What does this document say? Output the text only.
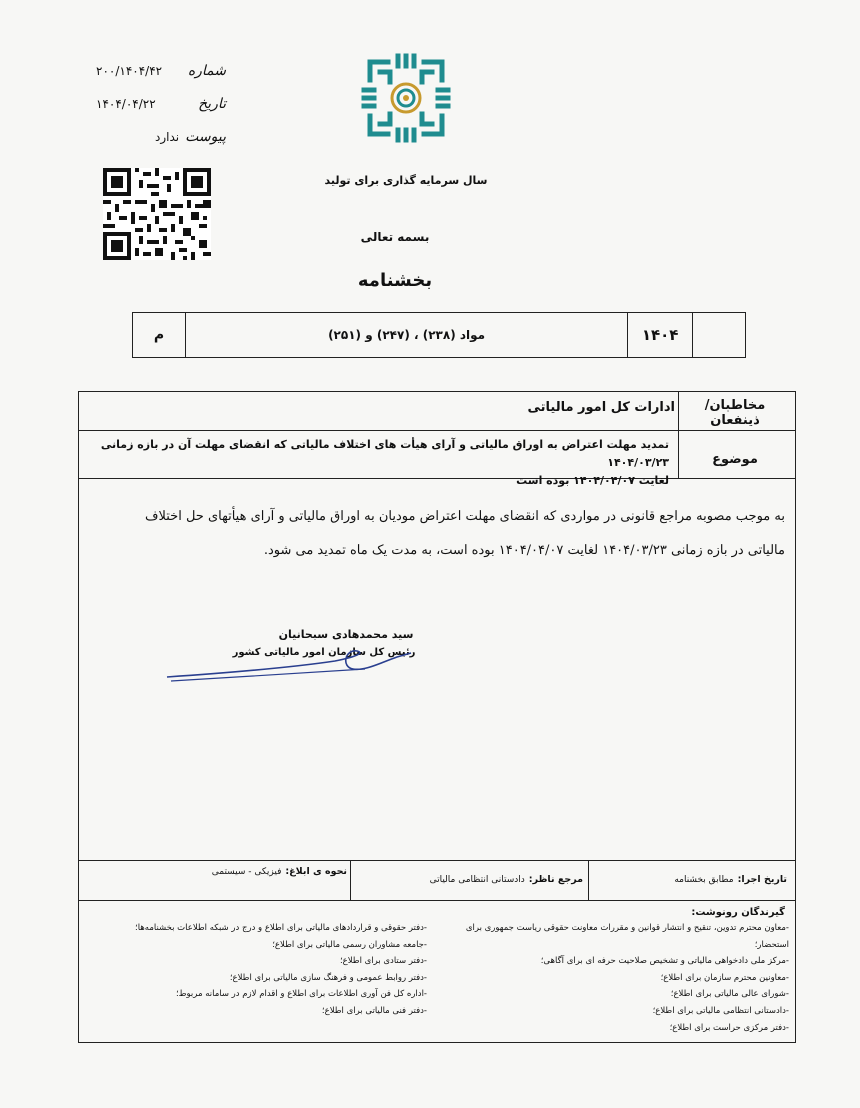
۲۰۰/۱۴۰۴/۴۲ شماره
۱۴۰۴/۰۴/۲۲	تاریخ
ندارد پیوست
سال سرمایه گذاری برای تولید
بسمه تعالی
بخشنامه
م	مواد (۲۳۸) ، (۲۴۷) و (۲۵۱)	۱۴۰۴
مخاطبان/ ذینفعان
ادارات کل امور مالیاتی
موضوع
تمدید مهلت اعتراض به اوراق مالیاتی و آرای هیأت های اختلاف مالیاتی که انقضای مهلت آن در بازه زمانی ۱۴۰۴/۰۳/۲۳
لغایت ۱۴۰۴/۰۴/۰۷ بوده است
به موجب مصوبه مراجع قانونی در مواردی که انقضای مهلت اعتراض مودیان به اوراق مالیاتی و آرای هیأتهای حل اختلاف مالیاتی در بازه زمانی ۱۴۰۴/۰۳/۲۳ لغایت ۱۴۰۴/۰۴/۰۷ بوده است، به مدت یک ماه تمدید می شود.
سید محمدهادی سبحانیان
رئیس کل سازمان امور مالیاتی کشور
تاریخ اجرا:
مطابق بخشنامه
مرجع ناظر:
دادستانی انتظامی مالیاتی
نحوه ی ابلاغ:
فیزیکی - سیستمی
گیرندگان رونوشت:
-معاون محترم تدوین، تنقیح و انتشار قوانین و مقررات معاونت حقوقی ریاست جمهوری برای استحضار؛
-مرکز ملی دادخواهی مالیاتی و تشخیص صلاحیت حرفه ای برای آگاهی؛
-معاونین محترم سازمان برای اطلاع؛
-شورای عالی مالیاتی برای اطلاع؛
-دادستانی انتظامی مالیاتی برای اطلاع؛
-دفتر مرکزی حراست برای اطلاع؛
-دفتر حقوقی و قراردادهای مالیاتی برای اطلاع و درج در شبکه اطلاعات بخشنامه‌ها؛
-جامعه مشاوران رسمی مالیاتی برای اطلاع؛
-دفتر ستادی برای اطلاع؛
-دفتر روابط عمومی و فرهنگ سازی مالیاتی برای اطلاع؛
-اداره کل فن آوری اطلاعات برای اطلاع و اقدام لازم در سامانه مربوط؛
-دفتر فنی مالیاتی برای اطلاع؛
